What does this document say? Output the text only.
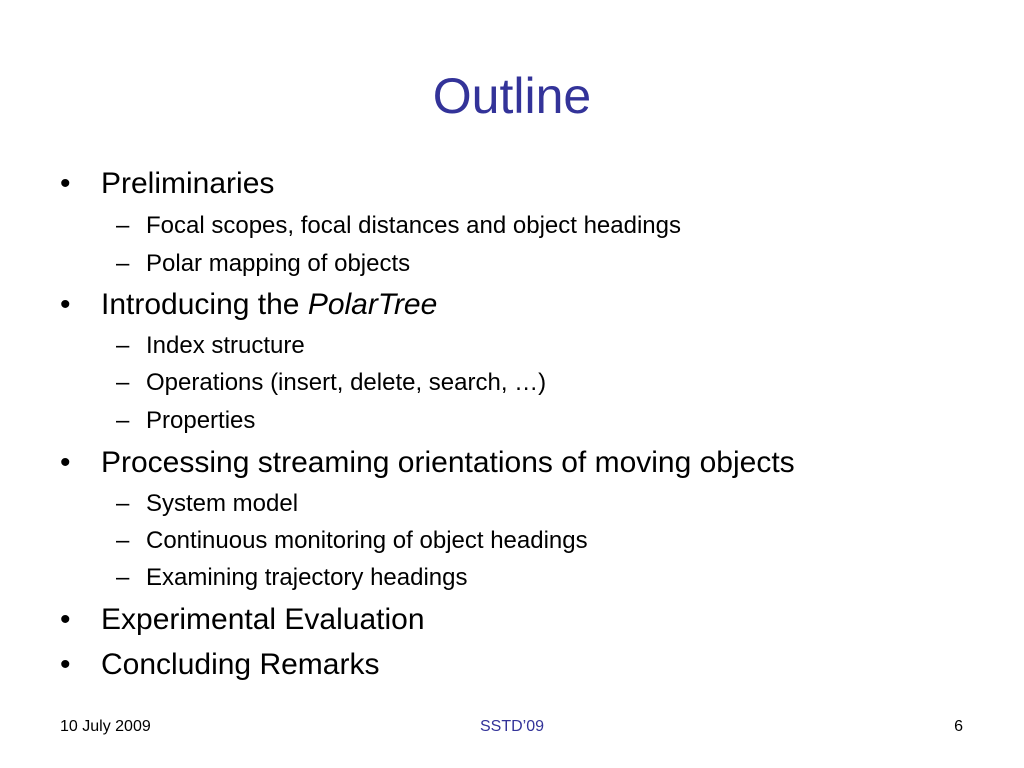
Outline
• Preliminaries
– Focal scopes, focal distances and object headings
– Polar mapping of objects
• Introducing the PolarTree
– Index structure
– Operations (insert, delete, search, …)
– Properties
• Processing streaming orientations of moving objects
– System model
– Continuous monitoring of object headings
– Examining trajectory headings
• Experimental Evaluation
• Concluding Remarks
10 July 2009	SSTD’09	6
